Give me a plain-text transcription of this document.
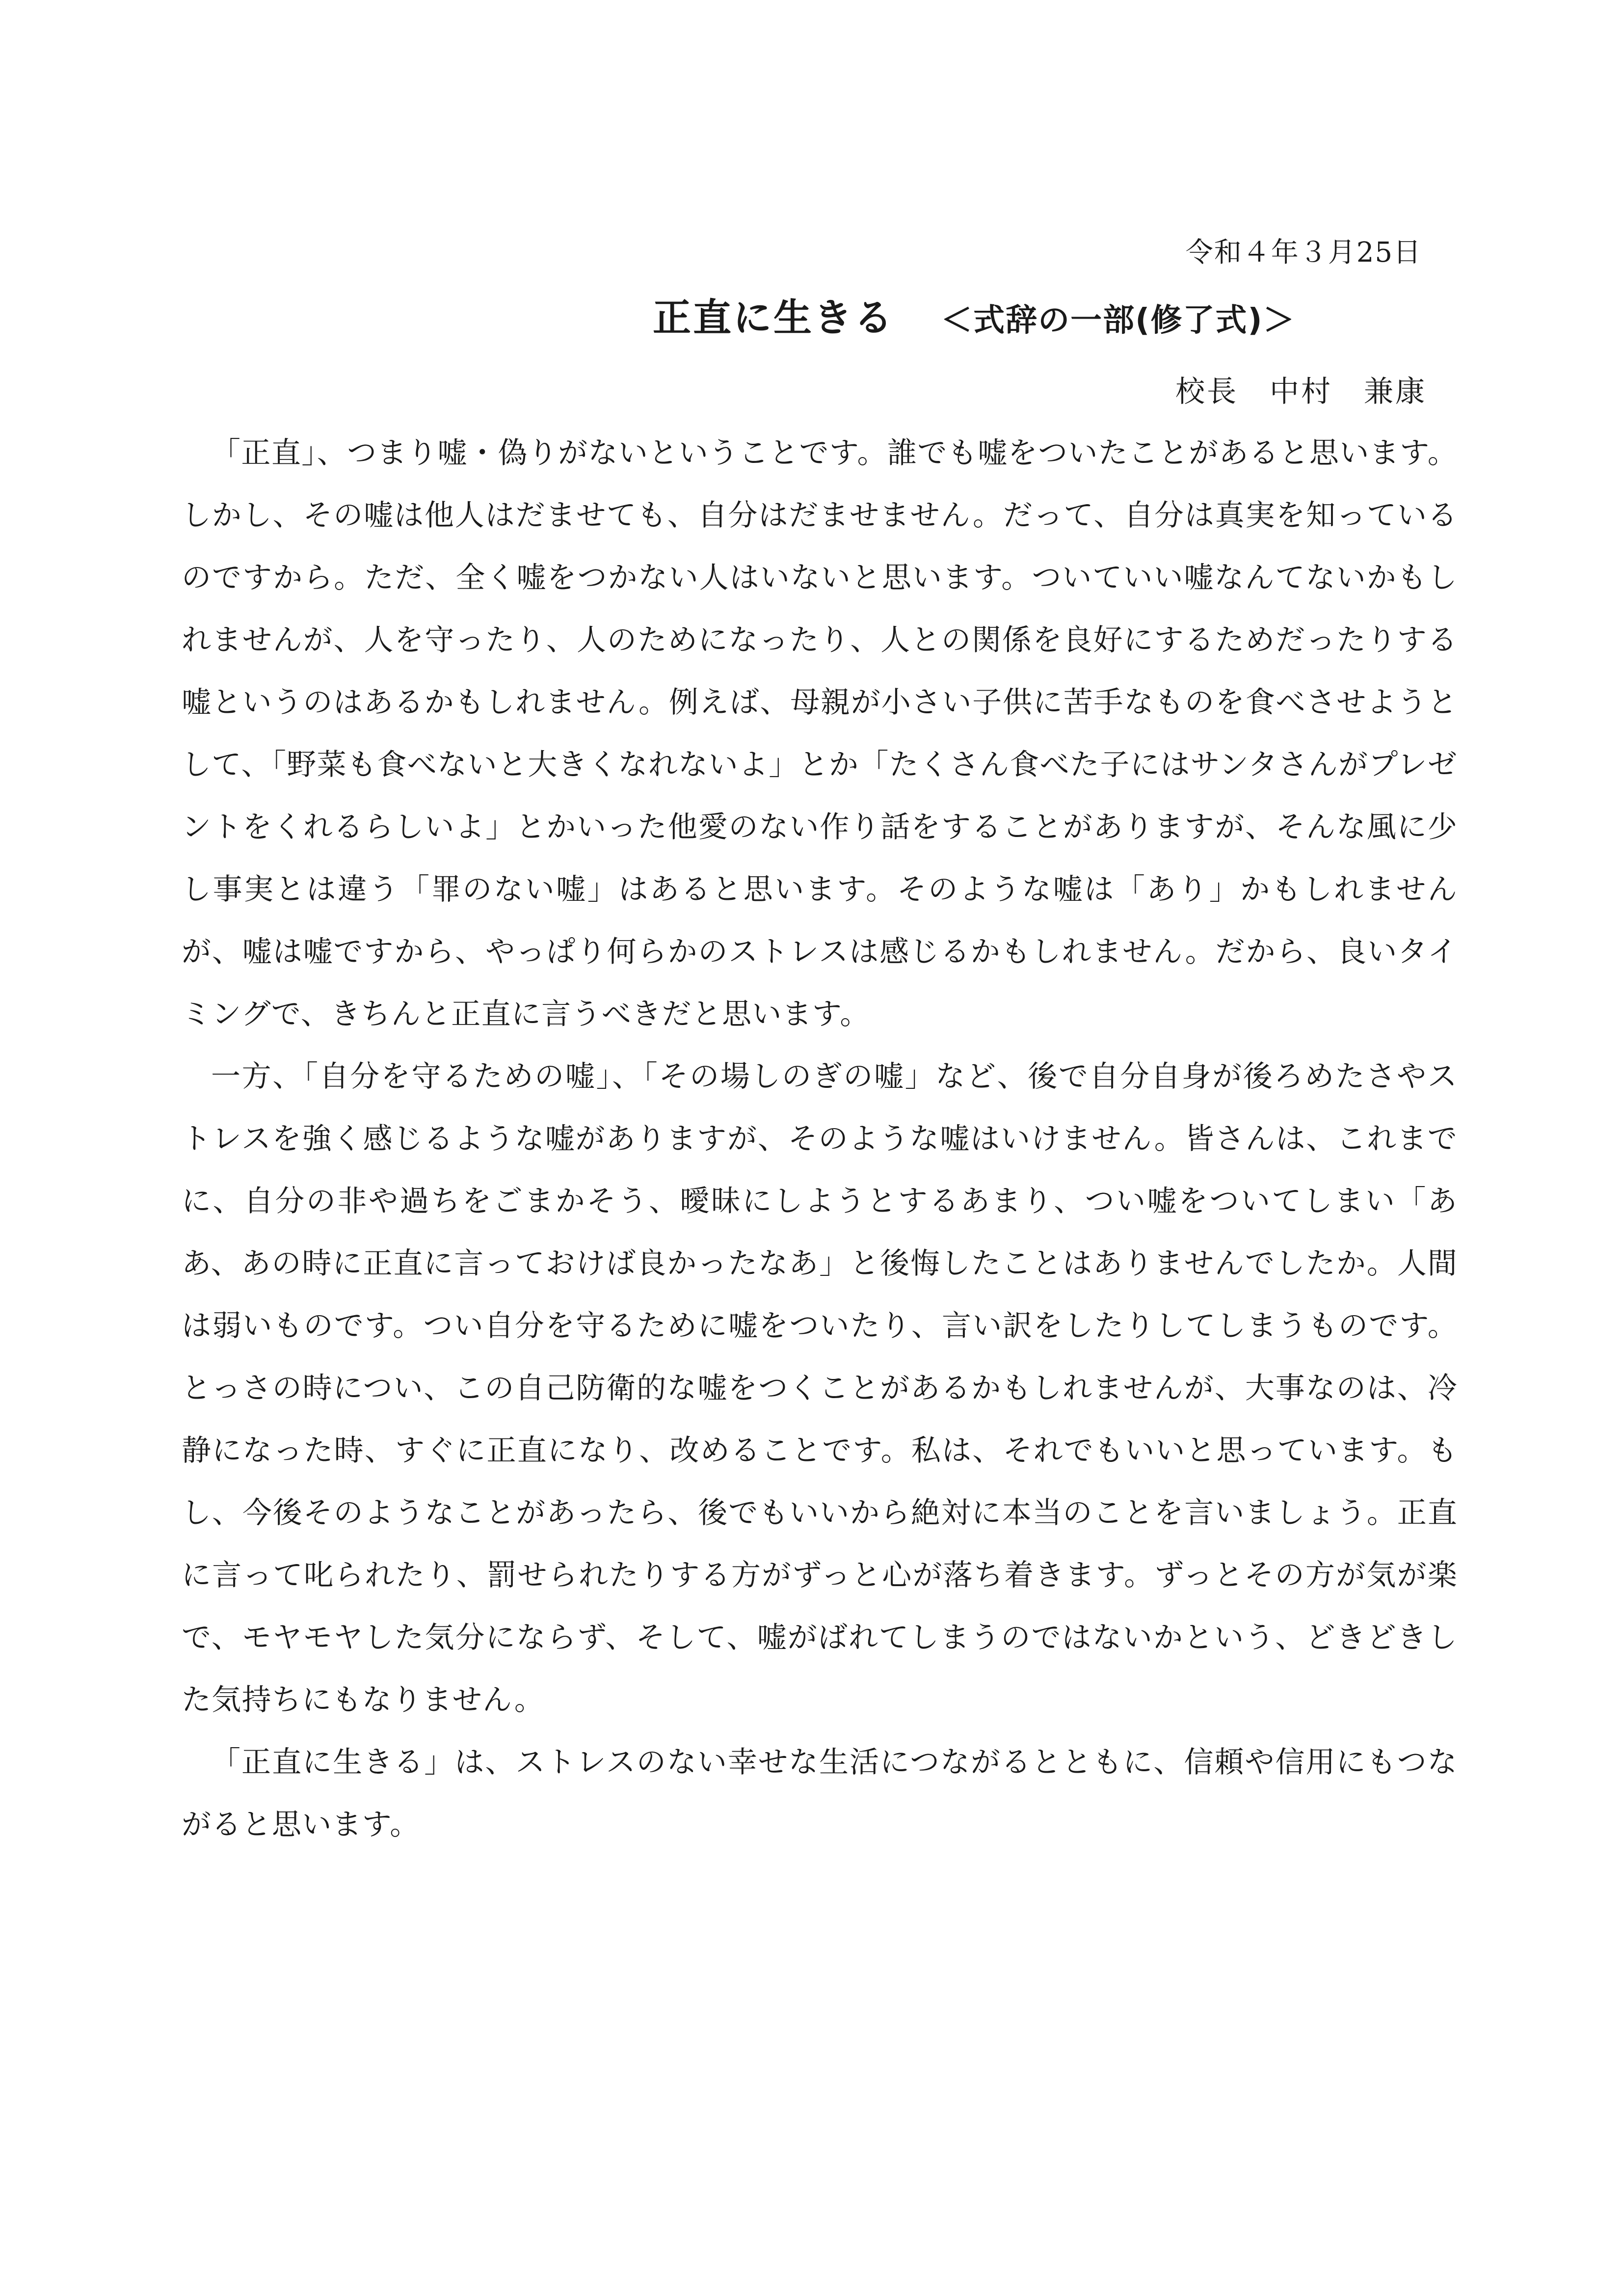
令和４年３月25日
正直に生きる ＜式辞の一部(修了式)＞
校長　中村　兼康

「正直」、つまり嘘・偽りがないということです。誰でも嘘をついたことがあると思います。しかし、その嘘は他人はだませても、自分はだませません。だって、自分は真実を知っているのですから。ただ、全く嘘をつかない人はいないと思います。ついていい嘘なんてないかもしれませんが、人を守ったり、人のためになったり、人との関係を良好にするためだったりする嘘というのはあるかもしれません。例えば、母親が小さい子供に苦手なものを食べさせようとして、「野菜も食べないと大きくなれないよ」とか「たくさん食べた子にはサンタさんがプレゼントをくれるらしいよ」とかいった他愛のない作り話をすることがありますが、そんな風に少し事実とは違う「罪のない嘘」はあると思います。そのような嘘は「あり」かもしれませんが、嘘は嘘ですから、やっぱり何らかのストレスは感じるかもしれません。だから、良いタイミングで、きちんと正直に言うべきだと思います。

一方、「自分を守るための嘘」、「その場しのぎの嘘」など、後で自分自身が後ろめたさやストレスを強く感じるような嘘がありますが、そのような嘘はいけません。皆さんは、これまでに、自分の非や過ちをごまかそう、曖昧にしようとするあまり、つい嘘をついてしまい「ああ、あの時に正直に言っておけば良かったなあ」と後悔したことはありませんでしたか。人間は弱いものです。つい自分を守るために嘘をついたり、言い訳をしたりしてしまうものです。とっさの時につい、この自己防衛的な嘘をつくことがあるかもしれませんが、大事なのは、冷静になった時、すぐに正直になり、改めることです。私は、それでもいいと思っています。もし、今後そのようなことがあったら、後でもいいから絶対に本当のことを言いましょう。正直に言って叱られたり、罰せられたりする方がずっと心が落ち着きます。ずっとその方が気が楽で、モヤモヤした気分にならず、そして、嘘がばれてしまうのではないかという、どきどきした気持ちにもなりません。

「正直に生きる」は、ストレスのない幸せな生活につながるとともに、信頼や信用にもつながると思います。
